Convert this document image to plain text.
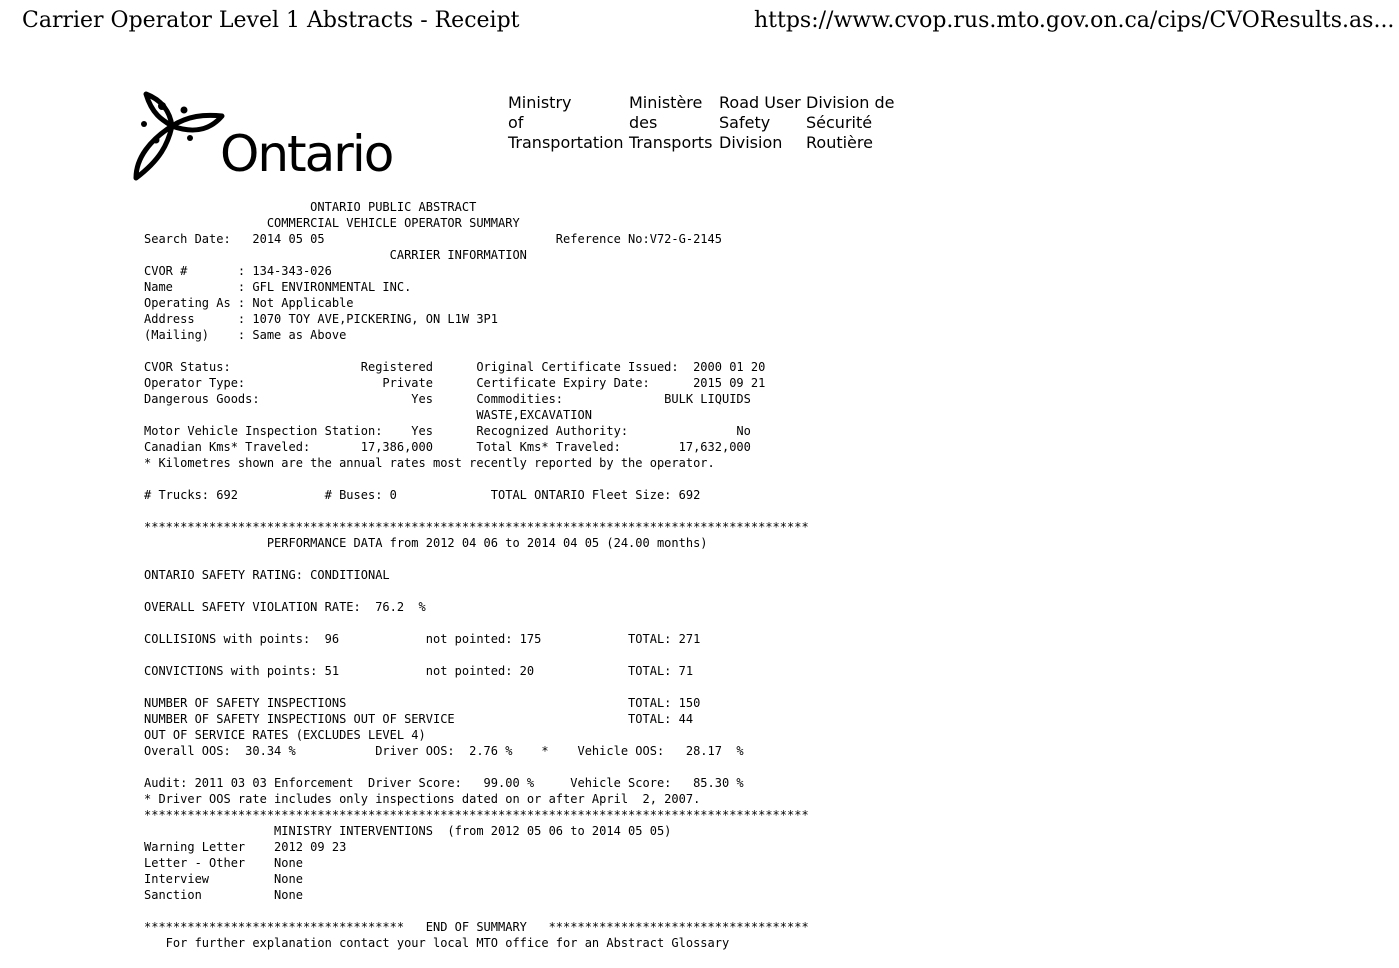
Carrier Operator Level 1 Abstracts - Receipt	https://www.cvop.rus.mto.gov.on.ca/cips/CVOResults.as...
Ontario
Ministry
of
Transportation
Ministère
des
Transports
Road User
Safety
Division
Division de
Sécurité
Routière
ONTARIO PUBLIC ABSTRACT
COMMERCIAL VEHICLE OPERATOR SUMMARY
Search Date:   2014 05 05                                Reference No:V72-G-2145
CARRIER INFORMATION
CVOR #       : 134-343-026
Name         : GFL ENVIRONMENTAL INC.
Operating As : Not Applicable
Address      : 1070 TOY AVE,PICKERING, ON L1W 3P1
(Mailing)    : Same as Above
CVOR Status:                  Registered      Original Certificate Issued:  2000 01 20
Operator Type:                   Private      Certificate Expiry Date:      2015 09 21
Dangerous Goods:                     Yes      Commodities:              BULK LIQUIDS
WASTE,EXCAVATION
Motor Vehicle Inspection Station:    Yes      Recognized Authority:               No
Canadian Kms* Traveled:       17,386,000      Total Kms* Traveled:        17,632,000
* Kilometres shown are the annual rates most recently reported by the operator.
# Trucks: 692            # Buses: 0             TOTAL ONTARIO Fleet Size: 692
********************************************************************************************
PERFORMANCE DATA from 2012 04 06 to 2014 04 05 (24.00 months)
ONTARIO SAFETY RATING: CONDITIONAL
OVERALL SAFETY VIOLATION RATE:  76.2  %
COLLISIONS with points:  96            not pointed: 175            TOTAL: 271
CONVICTIONS with points: 51            not pointed: 20             TOTAL: 71
NUMBER OF SAFETY INSPECTIONS                                       TOTAL: 150
NUMBER OF SAFETY INSPECTIONS OUT OF SERVICE                        TOTAL: 44
OUT OF SERVICE RATES (EXCLUDES LEVEL 4)
Overall OOS:  30.34 %           Driver OOS:  2.76 %    *    Vehicle OOS:   28.17  %
Audit: 2011 03 03 Enforcement  Driver Score:   99.00 %     Vehicle Score:   85.30 %
* Driver OOS rate includes only inspections dated on or after April  2, 2007.
********************************************************************************************
MINISTRY INTERVENTIONS  (from 2012 05 06 to 2014 05 05)
Warning Letter    2012 09 23
Letter - Other    None
Interview         None
Sanction          None
************************************   END OF SUMMARY   ************************************
For further explanation contact your local MTO office for an Abstract Glossary
